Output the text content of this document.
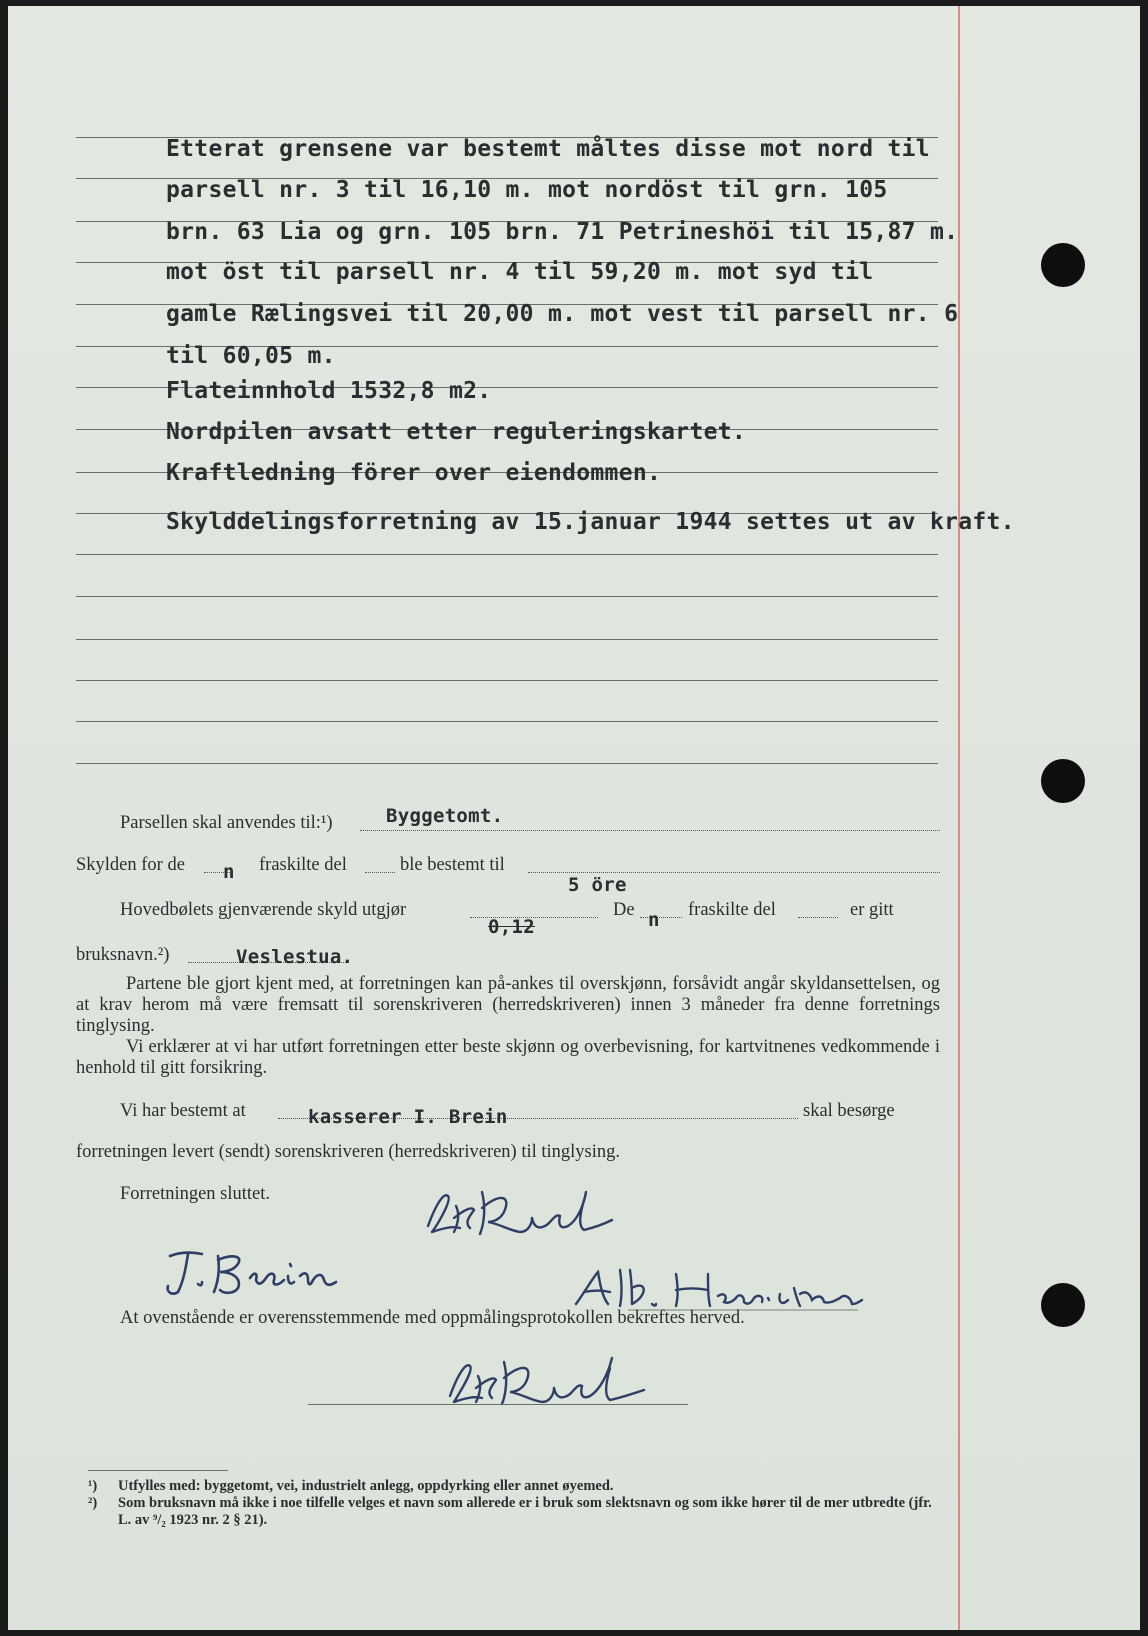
Etterat grensene var bestemt måltes disse mot nord til
parsell nr. 3 til 16,10 m. mot nordöst til grn. 105
brn. 63 Lia og grn. 105 brn. 71 Petrineshöi til 15,87 m.
mot öst til parsell nr. 4 til 59,20 m. mot syd til
gamle Rælingsvei til 20,00 m. mot vest til parsell nr. 6
til 60,05 m.
Flateinnhold 1532,8 m2.
Nordpilen avsatt etter reguleringskartet.
Kraftledning förer over eiendommen.
Skylddelingsforretning av 15.januar 1944 settes ut av kraft.
Parsellen skal anvendes til:¹)	Byggetomt.
Skylden for de n fraskilte del	ble bestemt til
5 öre
Hovedbølets gjenværende skyld utgjør
0,12
De n fraskilte del	er gitt
bruksnavn.²)	Veslestua.

Partene ble gjort kjent med, at forretningen kan på-ankes til overskjønn, forsåvidt angår skyldansettelsen, og at krav herom må være fremsatt til sorenskriveren (herredskriveren) innen 3 måneder fra denne forretnings tinglysing.

Vi erklærer at vi har utført forretningen etter beste skjønn og overbevisning, for kartvitnenes vedkommende i henhold til gitt forsikring.

Vi har bestemt at	kasserer I. Brein	skal besørge
forretningen levert (sendt) sorenskriveren (herredskriveren) til tinglysing.
Forretningen sluttet.
At ovenstående er overensstemmende med oppmålingsprotokollen bekreftes herved.
¹)	Utfylles med: byggetomt, vei, industrielt anlegg, oppdyrking eller annet øyemed.
²)	Som bruksnavn må ikke i noe tilfelle velges et navn som allerede er i bruk som slektsnavn og som ikke hører til de mer utbredte (jfr. L. av ⁹/₂ 1923 nr. 2 § 21).
